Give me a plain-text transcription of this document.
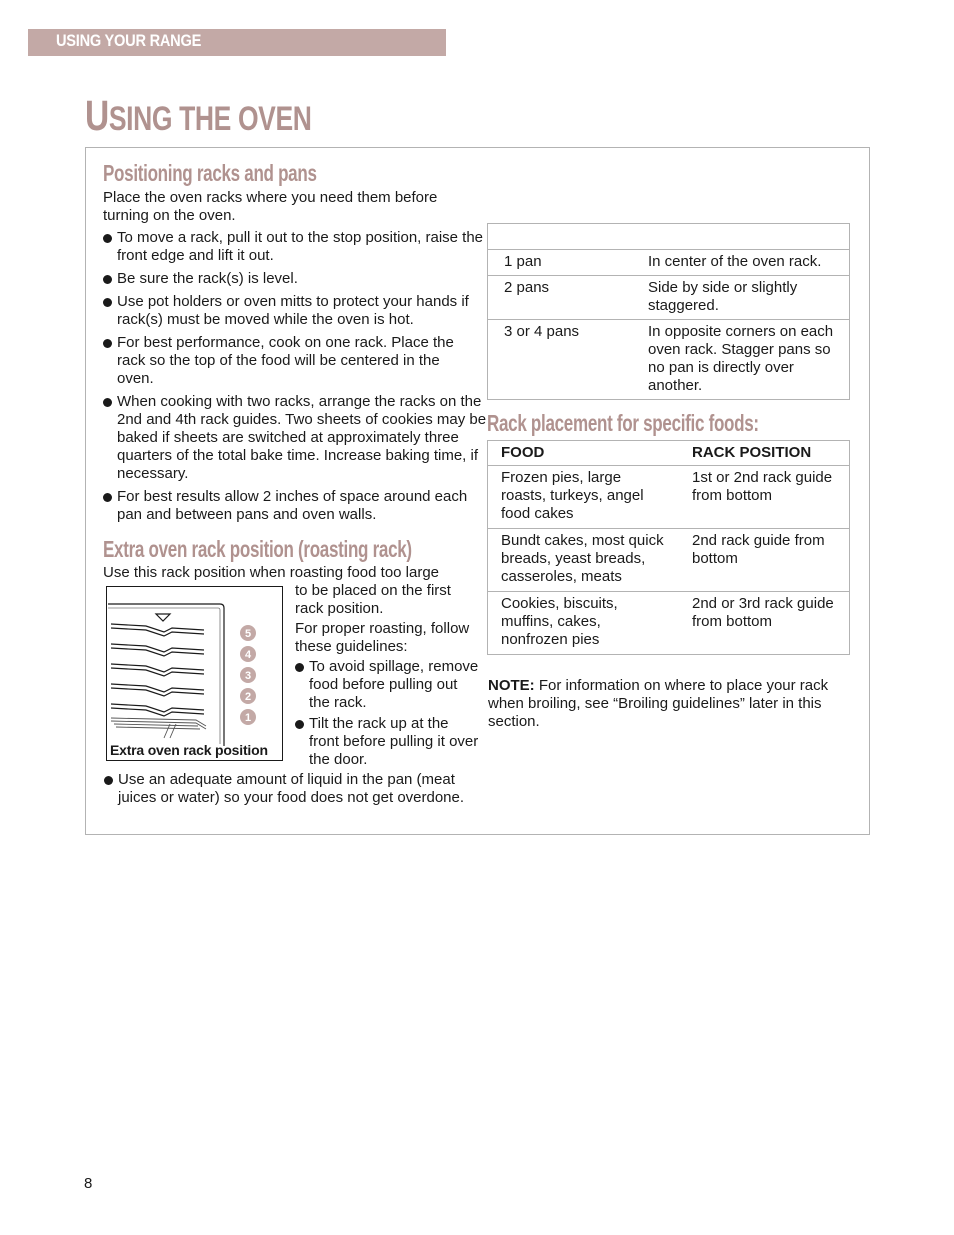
USING YOUR RANGE
USING THE OVEN
Positioning racks and pans

Place the oven racks where you need them before turning on the oven.

To move a rack, pull it out to the stop position, raise the front edge and lift it out.
Be sure the rack(s) is level.
Use pot holders or oven mitts to protect your hands if rack(s) must be moved while the oven is hot.
For best performance, cook on one rack. Place the rack so the top of the food will be centered in the oven.
When cooking with two racks, arrange the racks on the 2nd and 4th rack guides. Two sheets of cookies may be baked if sheets are switched at approximately three quarters of the total bake time. Increase baking time, if necessary.
For best results allow 2 inches of space around each pan and between pans and oven walls.
Extra oven rack position (roasting rack)

Use this rack position when roasting food too large

to be placed on the first rack position.

For proper roasting, follow these guidelines:

To avoid spillage, remove food before pulling out the rack.
Tilt the rack up at the front before pulling it over the door.
Use an adequate amount of liquid in the pan (meat juices or water) so your food does not get overdone.
5
4
3
2
1
Extra oven rack position

1 pan	In center of the oven rack.
2 pans	Side by side or slightly staggered.
3 or 4 pans	In opposite corners on each oven rack. Stagger pans so no pan is directly over another.
Rack placement for specific foods:
FOOD	RACK POSITION
Frozen pies, large roasts, turkeys, angel food cakes	1st or 2nd rack guide from bottom
Bundt cakes, most quick breads, yeast breads, casseroles, meats	2nd rack guide from bottom
Cookies, biscuits, muffins, cakes, nonfrozen pies	2nd or 3rd rack guide from bottom

NOTE: For information on where to place your rack when broiling, see “Broiling guidelines” later in this section.

8
